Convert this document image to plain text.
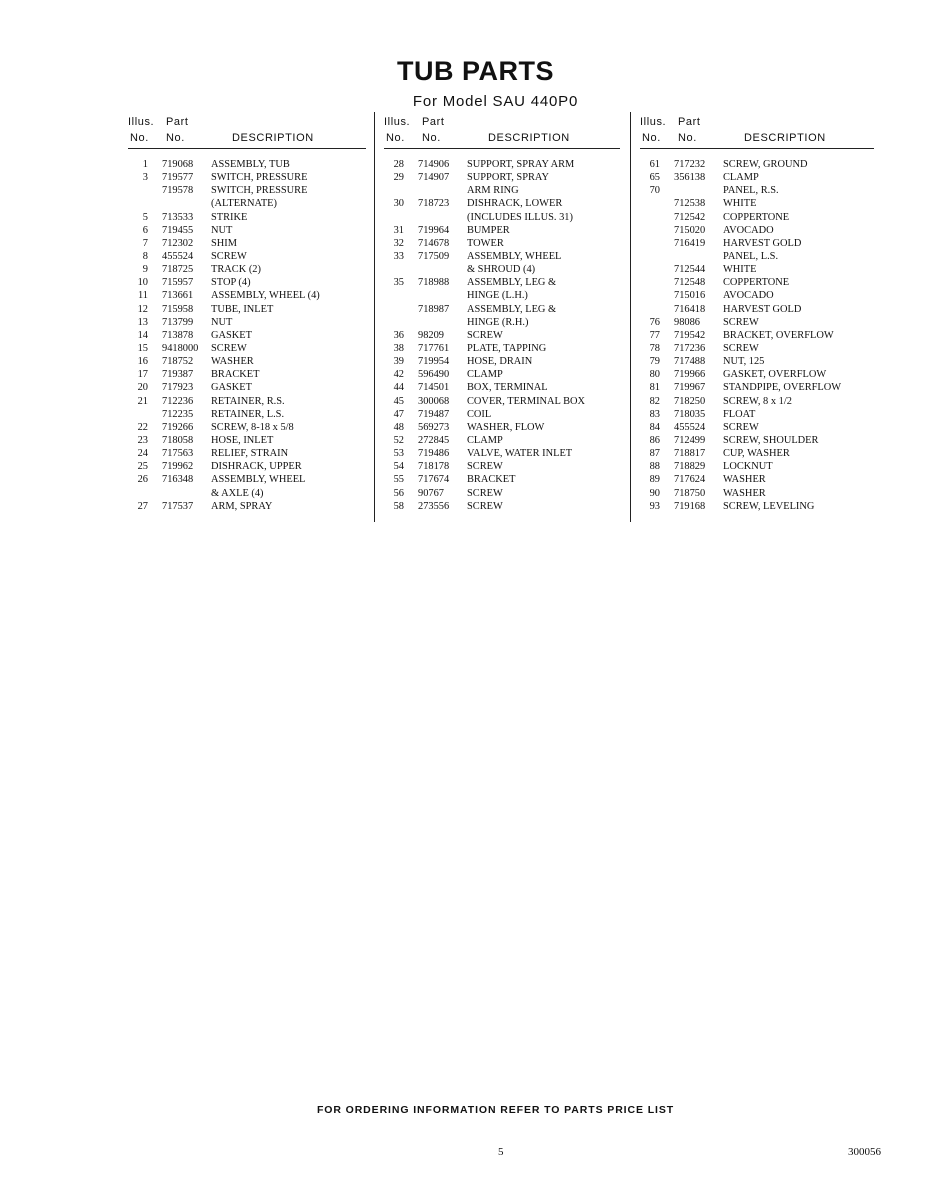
TUB PARTS
For Model SAU 440P0
Illus. Part
No. No.	DESCRIPTION
1 719068 ASSEMBLY, TUB
3 719577 SWITCH, PRESSURE
719578 SWITCH, PRESSURE
(ALTERNATE)
5 713533 STRIKE
6 719455 NUT
7 712302 SHIM
8 455524 SCREW
9 718725 TRACK (2)
10 715957 STOP (4)
11 713661 ASSEMBLY, WHEEL (4)
12 715958 TUBE, INLET
13 713799 NUT
14 713878 GASKET
15 9418000 SCREW
16 718752 WASHER
17 719387 BRACKET
20 717923 GASKET
21 712236 RETAINER, R.S.
712235 RETAINER, L.S.
22 719266 SCREW, 8-18 x 5/8
23 718058 HOSE, INLET
24 717563 RELIEF, STRAIN
25 719962 DISHRACK, UPPER
26 716348 ASSEMBLY, WHEEL
& AXLE (4)
27 717537 ARM, SPRAY
Illus. Part
No. No.	DESCRIPTION
28 714906 SUPPORT, SPRAY ARM
29 714907 SUPPORT, SPRAY
ARM RING
30 718723 DISHRACK, LOWER
(INCLUDES ILLUS. 31)
31 719964 BUMPER
32 714678 TOWER
33 717509 ASSEMBLY, WHEEL
& SHROUD (4)
35 718988 ASSEMBLY, LEG &
HINGE (L.H.)
718987 ASSEMBLY, LEG &
HINGE (R.H.)
36 98209 SCREW
38 717761 PLATE, TAPPING
39 719954 HOSE, DRAIN
42 596490 CLAMP
44 714501 BOX, TERMINAL
45 300068 COVER, TERMINAL BOX
47 719487 COIL
48 569273 WASHER, FLOW
52 272845 CLAMP
53 719486 VALVE, WATER INLET
54 718178 SCREW
55 717674 BRACKET
56 90767 SCREW
58 273556 SCREW
Illus. Part
No. No.	DESCRIPTION
61 717232 SCREW, GROUND
65 356138 CLAMP
70	PANEL, R.S.
712538 WHITE
712542 COPPERTONE
715020 AVOCADO
716419 HARVEST GOLD
PANEL, L.S.
712544 WHITE
712548 COPPERTONE
715016 AVOCADO
716418 HARVEST GOLD
76 98086 SCREW
77 719542 BRACKET, OVERFLOW
78 717236 SCREW
79 717488 NUT, 125
80 719966 GASKET, OVERFLOW
81 719967 STANDPIPE, OVERFLOW
82 718250 SCREW, 8 x 1/2
83 718035 FLOAT
84 455524 SCREW
86 712499 SCREW, SHOULDER
87 718817 CUP, WASHER
88 718829 LOCKNUT
89 717624 WASHER
90 718750 WASHER
93 719168 SCREW, LEVELING
FOR ORDERING INFORMATION REFER TO PARTS PRICE LIST
5	300056
